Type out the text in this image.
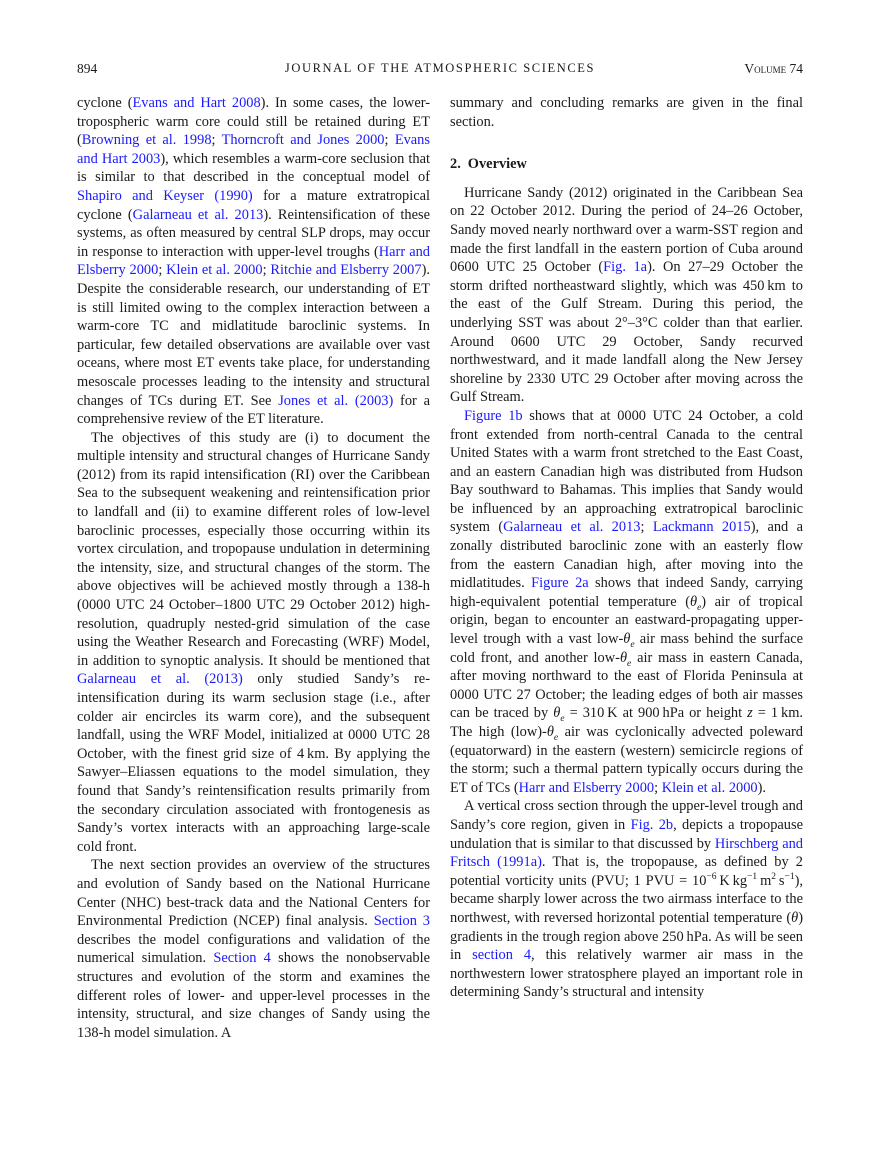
894	JOURNAL OF THE ATMOSPHERIC SCIENCES	Volume 74

cyclone (Evans and Hart 2008). In some cases, the lower-tropospheric warm core could still be retained during ET (Browning et al. 1998; Thorncroft and Jones 2000; Evans and Hart 2003), which resembles a warm-core seclusion that is similar to that described in the conceptual model of Shapiro and Keyser (1990) for a mature extratropical cyclone (Galarneau et al. 2013). Reintensification of these systems, as often measured by central SLP drops, may occur in response to interaction with upper-level troughs (Harr and Elsberry 2000; Klein et al. 2000; Ritchie and Elsberry 2007). Despite the considerable research, our understanding of ET is still limited owing to the complex interaction between a warm-core TC and midlatitude baroclinic systems. In particular, few detailed observations are available over vast oceans, where most ET events take place, for understanding mesoscale processes leading to the intensity and structural changes of TCs during ET. See Jones et al. (2003) for a comprehensive review of the ET literature.

The objectives of this study are (i) to document the multiple intensity and structural changes of Hurricane Sandy (2012) from its rapid intensification (RI) over the Caribbean Sea to the subsequent weakening and reintensification prior to landfall and (ii) to examine different roles of low-level baroclinic processes, especially those occurring within its vortex circulation, and tropopause undulation in determining the intensity, size, and structural changes of the storm. The above objectives will be achieved mostly through a 138-h (0000 UTC 24 October–1800 UTC 29 October 2012) high-resolution, quadruply nested-grid simulation of the case using the Weather Research and Forecasting (WRF) Model, in addition to synoptic analysis. It should be mentioned that Galarneau et al. (2013) only studied Sandy’s reintensification during its warm seclusion stage (i.e., after colder air encircles its warm core), and the subsequent landfall, using the WRF Model, initialized at 0000 UTC 28 October, with the finest grid size of 4 km. By applying the Sawyer–Eliassen equations to the model simulation, they found that Sandy’s reintensification results primarily from the secondary circulation associated with frontogenesis as Sandy’s vortex interacts with an approaching large-scale cold front.

The next section provides an overview of the structures and evolution of Sandy based on the National Hurricane Center (NHC) best-track data and the National Centers for Environmental Prediction (NCEP) final analysis. Section 3 describes the model configurations and validation of the numerical simulation. Section 4 shows the nonobservable structures and evolution of the storm and examines the different roles of lower- and upper-level processes in the intensity, structural, and size changes of Sandy using the 138-h model simulation. A

summary and concluding remarks are given in the final section.

2. Overview

Hurricane Sandy (2012) originated in the Caribbean Sea on 22 October 2012. During the period of 24–26 October, Sandy moved nearly northward over a warm-SST region and made the first landfall in the eastern portion of Cuba around 0600 UTC 25 October (Fig. 1a). On 27–29 October the storm drifted northeastward slightly, which was 450 km to the east of the Gulf Stream. During this period, the underlying SST was about 2°–3°C colder than that earlier. Around 0600 UTC 29 October, Sandy recurved northwestward, and it made landfall along the New Jersey shoreline by 2330 UTC 29 October after moving across the Gulf Stream.

Figure 1b shows that at 0000 UTC 24 October, a cold front extended from north-central Canada to the central United States with a warm front stretched to the East Coast, and an eastern Canadian high was distributed from Hudson Bay southward to Bahamas. This implies that Sandy would be influenced by an approaching extratropical baroclinic system (Galarneau et al. 2013; Lackmann 2015), and a zonally distributed baroclinic zone with an easterly flow from the eastern Canadian high, after moving into the midlatitudes. Figure 2a shows that indeed Sandy, carrying high-equivalent potential temperature $(\theta_e)$ air of tropical origin, began to encounter an eastward-propagating upper-level trough with a vast low-$\theta_e$ air mass behind the surface cold front, and another low-$\theta_e$ air mass in eastern Canada, after moving northward to the east of Florida Peninsula at 0000 UTC 27 October; the leading edges of both air masses can be traced by $\theta_e = 310$ K at 900 hPa or height z = 1 km. The high $(low)-\theta_e$ air was cyclonically advected poleward (equatorward) in the eastern (western) semicircle regions of the storm; such a thermal pattern typically occurs during the ET of TCs (Harr and Elsberry 2000; Klein et al. 2000).

A vertical cross section through the upper-level trough and Sandy’s core region, given in Fig. 2b, depicts a tropopause undulation that is similar to that discussed by Hirschberg and Fritsch (1991a). That is, the tropopause, as defined by 2 potential vorticity units (PVU; 1 PVU = $10^{-6}$ K $kg^{-1}$ $m^2$ $s^{-1}$), became sharply lower across the two airmass interface to the northwest, with reversed horizontal potential temperature (θ) gradients in the trough region above 250 hPa. As will be seen in section 4, this relatively warmer air mass in the northwestern lower stratosphere played an important role in determining Sandy’s structural and intensity
